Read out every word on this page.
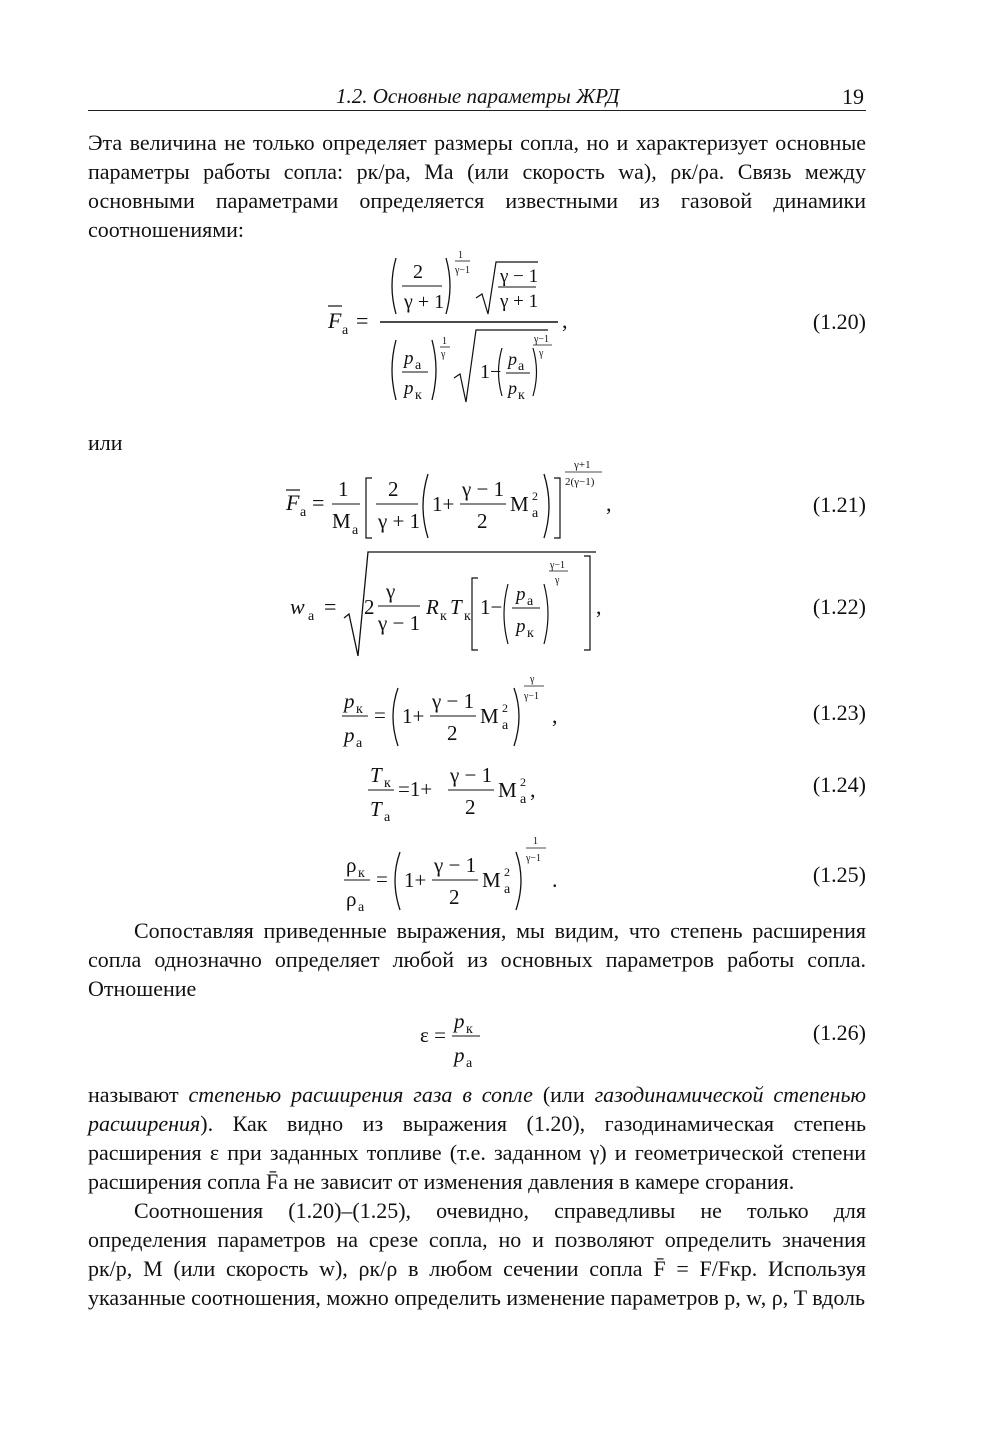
1.2. Основные параметры ЖРД	19

Эта величина не только определяет размеры сопла, но и характеризует основные параметры работы сопла: pк/pа, Mа (или скорость wа), ρк/ρа. Связь между основными параметрами определяется известными из газовой динамики соотношениями:

F а =
2
γ + 1
1
γ−1 γ − 1
γ + 1
p а
p к
1
γ
1−
p а
p к
γ−1
γ
,	(1.20)

или

F а =
1
M а
2
γ + 1
1+
γ − 1
2
M 2
а
γ+1
2(γ−1)
,	(1.21)
w а = 2
γ
γ − 1
R к T к 1−
p а
p к
γ−1
γ
,	(1.22)
p к
p а
= 1+
γ − 1
2
M 2
а
γ
γ−1
,	(1.23)
T к
T а
=1+
γ − 1
2
M 2
а ,	(1.24)
ρ к
ρ а
= 1+
γ − 1
2
M 2
а
1
γ−1
.	(1.25)

Сопоставляя приведенные выражения, мы видим, что степень расширения сопла однозначно определяет любой из основных параметров работы сопла. Отношение

ε =
p к
p а
(1.26)

называют степенью расширения газа в сопле (или газодинамической степенью расширения). Как видно из выражения (1.20), газодинамическая степень расширения ε при заданных топливе (т.е. заданном γ) и геометрической степени расширения сопла F̄а не зависит от изменения давления в камере сгорания.

Соотношения (1.20)–(1.25), очевидно, справедливы не только для определения параметров на срезе сопла, но и позволяют определить значения pк/p, M (или скорость w), ρк/ρ в любом сечении сопла F̄ = F/Fкр. Используя указанные соотношения, можно определить изменение параметров p, w, ρ, T вдоль
